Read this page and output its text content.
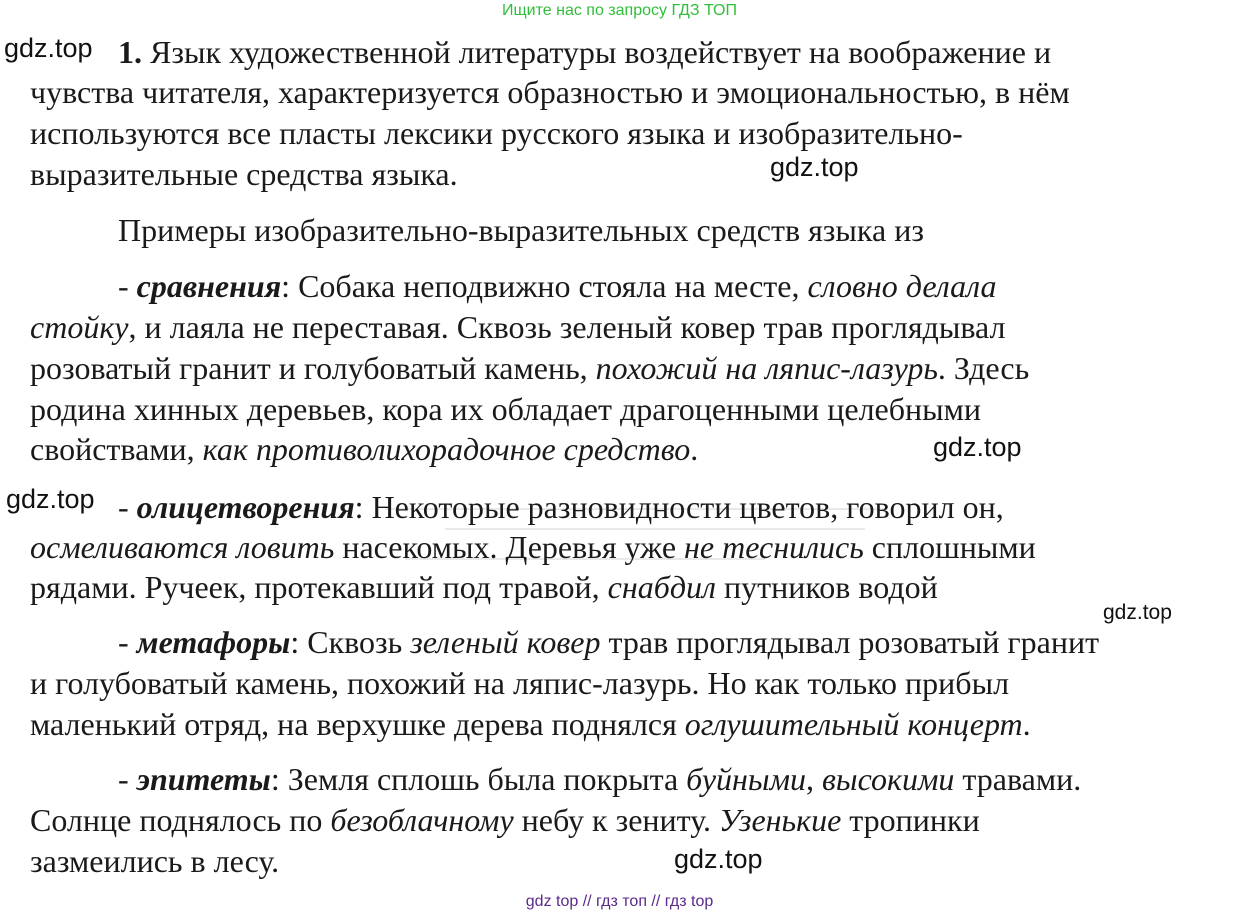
Ищите нас по запросу ГДЗ ТОП
gdz.top
gdz.top
gdz.top
gdz.top
gdz.top
gdz.top
1. Язык художественной литературы воздействует на воображение и
чувства читателя, характеризуется образностью и эмоциональностью, в нём
используются все пласты лексики русского языка и изобразительно-
выразительные средства языка.
Примеры изобразительно-выразительных средств языка из
- сравнения: Собака неподвижно стояла на месте, словно делала
стойку, и лаяла не переставая. Сквозь зеленый ковер трав проглядывал
розоватый гранит и голубоватый камень, похожий на ляпис-лазурь. Здесь
родина хинных деревьев, кора их обладает драгоценными целебными
свойствами, как противолихорадочное средство.
- олицетворения: Некоторые разновидности цветов, говорил он,
осмеливаются ловить насекомых. Деревья уже не теснились сплошными
рядами. Ручеек, протекавший под травой, снабдил путников водой
- метафоры: Сквозь зеленый ковер трав проглядывал розоватый гранит
и голубоватый камень, похожий на ляпис-лазурь. Но как только прибыл
маленький отряд, на верхушке дерева поднялся оглушительный концерт.
- эпитеты: Земля сплошь была покрыта буйными, высокими травами.
Солнце поднялось по безоблачному небу к зениту. Узенькие тропинки
зазмеились в лесу.
gdz top // гдз топ // гдз top
